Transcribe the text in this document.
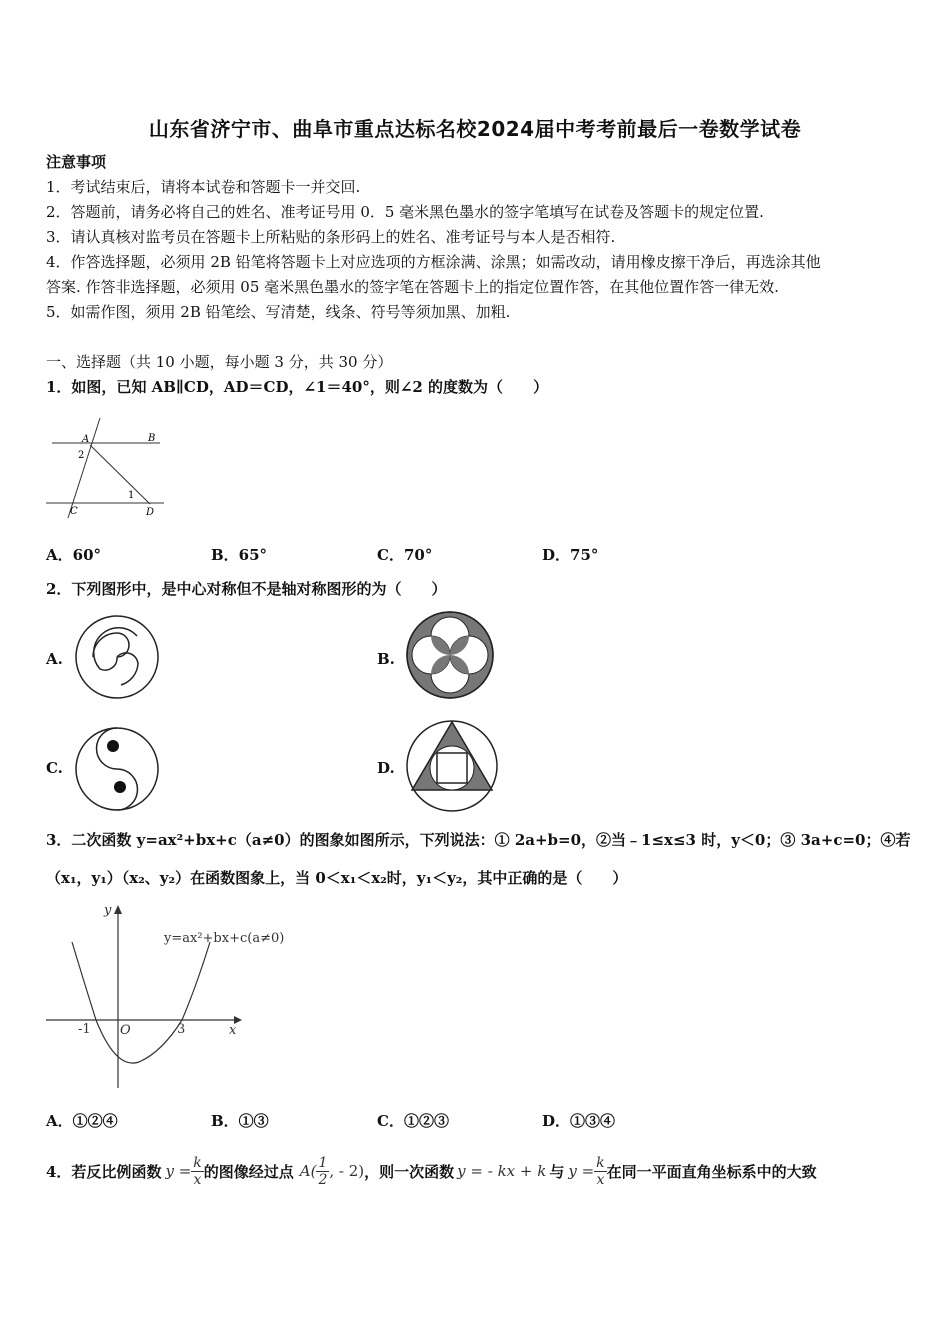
山东省济宁市、曲阜市重点达标名校2024届中考考前最后一卷数学试卷
注意事项
1．考试结束后，请将本试卷和答题卡一并交回.
2．答题前，请务必将自己的姓名、准考证号用 0．5 毫米黑色墨水的签字笔填写在试卷及答题卡的规定位置.
3．请认真核对监考员在答题卡上所粘贴的条形码上的姓名、准考证号与本人是否相符.
4．作答选择题，必须用 2B 铅笔将答题卡上对应选项的方框涂满、涂黑；如需改动，请用橡皮擦干净后，再选涂其他
答案. 作答非选择题，必须用 05 毫米黑色墨水的签字笔在答题卡上的指定位置作答，在其他位置作答一律无效.
5．如需作图，须用 2B 铅笔绘、写清楚，线条、符号等须加黑、加粗.
一、选择题（共 10 小题，每小题 3 分，共 30 分）
1．如图，已知 AB∥CD，AD＝CD，∠1＝40°，则∠2 的度数为（　　）
A	B
C	D
1
2
A．60°	B．65°	C．70°	D．75°
2．下列图形中，是中心对称但不是轴对称图形的为（　　）
A.	B.
C.	D.
3．二次函数 y=ax²+bx+c（a≠0）的图象如图所示，下列说法：① 2a+b=0，②当﹣1≤x≤3 时，y＜0；③ 3a+c=0；④若
（x₁，y₁）（x₂、y₂）在函数图象上，当 0＜x₁＜x₂时，y₁＜y₂，其中正确的是（　　）
y
x
O
-1	3
y=ax²+bx+c(a≠0)
A．①②④	B．①③	C．①②③	D．①③④
4．若反比例函数 $y = \frac{k}{x}$ 的图像经过点 $A( \frac{1}{2}$ , - 2) ，则一次函数 y = - kx + k 与 $y = \frac{k}{x}$ 在同一平面直角坐标系中的大致
